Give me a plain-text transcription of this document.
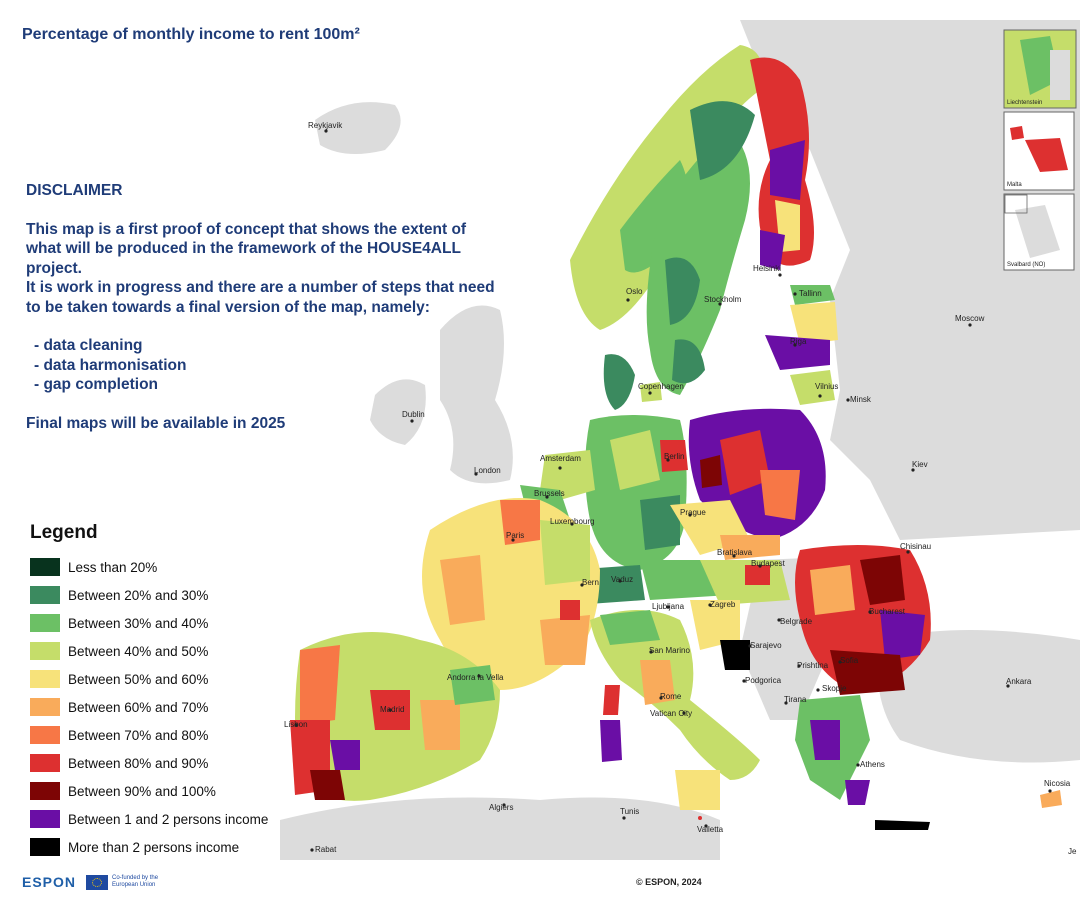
Liechtenstein
Malta
Svalbard (NO)
Reykjavik
Oslo
Stockholm
Helsinki
Tallinn
Moscow
Riga
Copenhagen	Vilnius
Minsk
Dublin
London
Amsterdam	Berlin
Brussels
Kiev
Luxembourg
Prague
Paris
Chisinau
Bratislava
Budapest
Bern Vaduz
Bucharest
Ljubljana	Zagreb
Belgrade
San Marino
Sarajevo
Sofia
Andorra la Vella	Podgorica
Prishtina
Skopje
Ankara
Madrid
Rome	Tirana
Vatican City
Lisbon
Athens
Nicosia
Algiers	Tunis
Valletta
Rabat	Je
Percentage of monthly income to rent 100m²

DISCLAIMER

This map is a first proof of concept that shows the extent of what will be produced in the framework of the HOUSE4ALL project.

It is work in progress and there are a number of steps that need to be taken towards a final version of the map, namely:

- data cleaning
- data harmonisation
- gap completion

Final maps will be available in 2025

Legend
Less than 20%
Between 20% and 30%
Between 30% and 40%
Between 40% and 50%
Between 50% and 60%
Between 60% and 70%
Between 70% and 80%
Between 80% and 90%
Between 90% and 100%
Between 1 and 2 persons income
More than 2 persons income
ESPON	Co-funded by the European Union	© ESPON, 2024
